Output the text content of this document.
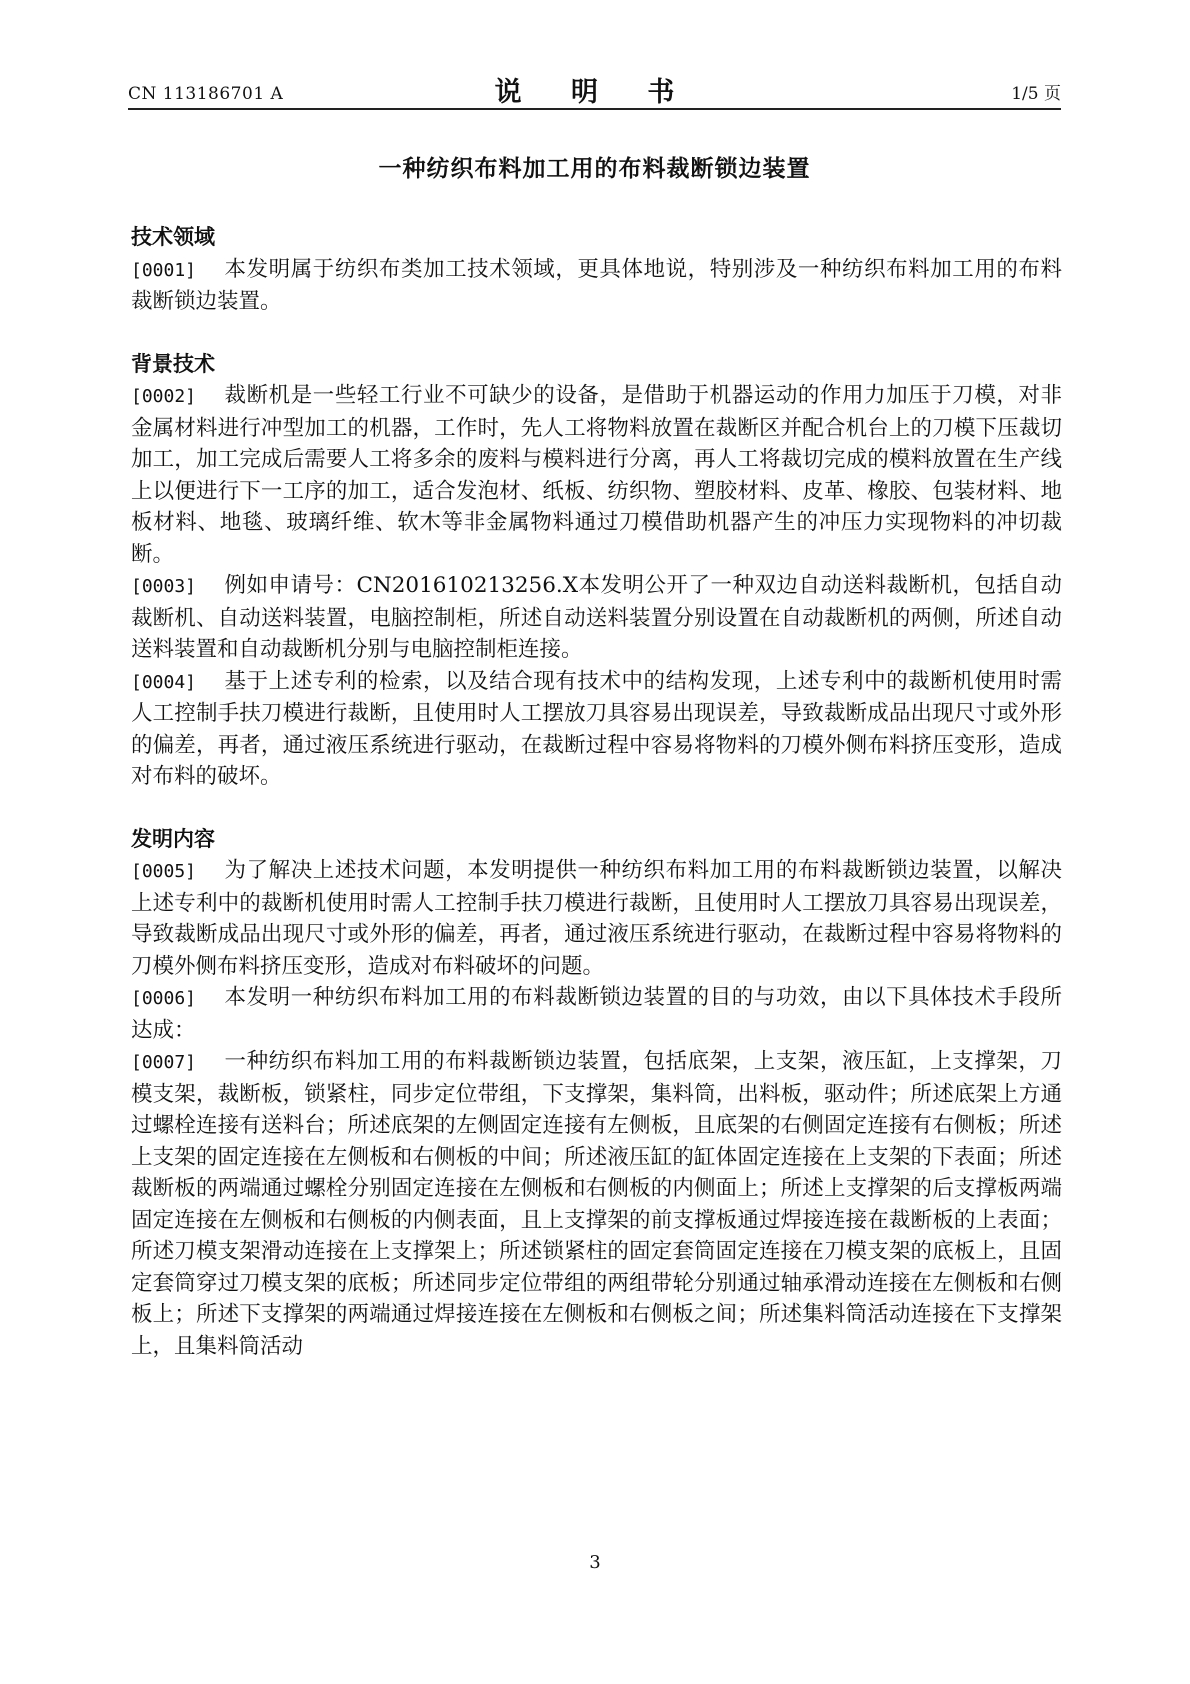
CN 113186701 A	说 明 书	1/5 页
一种纺织布料加工用的布料裁断锁边装置

技术领域

[0001] 本发明属于纺织布类加工技术领域，更具体地说，特别涉及一种纺织布料加工用的布料裁断锁边装置。

背景技术

[0002] 裁断机是一些轻工行业不可缺少的设备，是借助于机器运动的作用力加压于刀模，对非金属材料进行冲型加工的机器，工作时，先人工将物料放置在裁断区并配合机台上的刀模下压裁切加工，加工完成后需要人工将多余的废料与模料进行分离，再人工将裁切完成的模料放置在生产线上以便进行下一工序的加工，适合发泡材、纸板、纺织物、塑胶材料、皮革、橡胶、包装材料、地板材料、地毯、玻璃纤维、软木等非金属物料通过刀模借助机器产生的冲压力实现物料的冲切裁断。

[0003] 例如申请号：CN201610213256.X本发明公开了一种双边自动送料裁断机，包括自动裁断机、自动送料装置，电脑控制柜，所述自动送料装置分别设置在自动裁断机的两侧，所述自动送料装置和自动裁断机分别与电脑控制柜连接。

[0004] 基于上述专利的检索，以及结合现有技术中的结构发现，上述专利中的裁断机使用时需人工控制手扶刀模进行裁断，且使用时人工摆放刀具容易出现误差，导致裁断成品出现尺寸或外形的偏差，再者，通过液压系统进行驱动，在裁断过程中容易将物料的刀模外侧布料挤压变形，造成对布料的破坏。

发明内容

[0005] 为了解决上述技术问题，本发明提供一种纺织布料加工用的布料裁断锁边装置，以解决上述专利中的裁断机使用时需人工控制手扶刀模进行裁断，且使用时人工摆放刀具容易出现误差，导致裁断成品出现尺寸或外形的偏差，再者，通过液压系统进行驱动，在裁断过程中容易将物料的刀模外侧布料挤压变形，造成对布料破坏的问题。

[0006] 本发明一种纺织布料加工用的布料裁断锁边装置的目的与功效，由以下具体技术手段所达成：

[0007] 一种纺织布料加工用的布料裁断锁边装置，包括底架，上支架，液压缸，上支撑架，刀模支架，裁断板，锁紧柱，同步定位带组，下支撑架，集料筒，出料板，驱动件；所述底架上方通过螺栓连接有送料台；所述底架的左侧固定连接有左侧板，且底架的右侧固定连接有右侧板；所述上支架的固定连接在左侧板和右侧板的中间；所述液压缸的缸体固定连接在上支架的下表面；所述裁断板的两端通过螺栓分别固定连接在左侧板和右侧板的内侧面上；所述上支撑架的后支撑板两端固定连接在左侧板和右侧板的内侧表面，且上支撑架的前支撑板通过焊接连接在裁断板的上表面；所述刀模支架滑动连接在上支撑架上；所述锁紧柱的固定套筒固定连接在刀模支架的底板上，且固定套筒穿过刀模支架的底板；所述同步定位带组的两组带轮分别通过轴承滑动连接在左侧板和右侧板上；所述下支撑架的两端通过焊接连接在左侧板和右侧板之间；所述集料筒活动连接在下支撑架上，且集料筒活动

3
